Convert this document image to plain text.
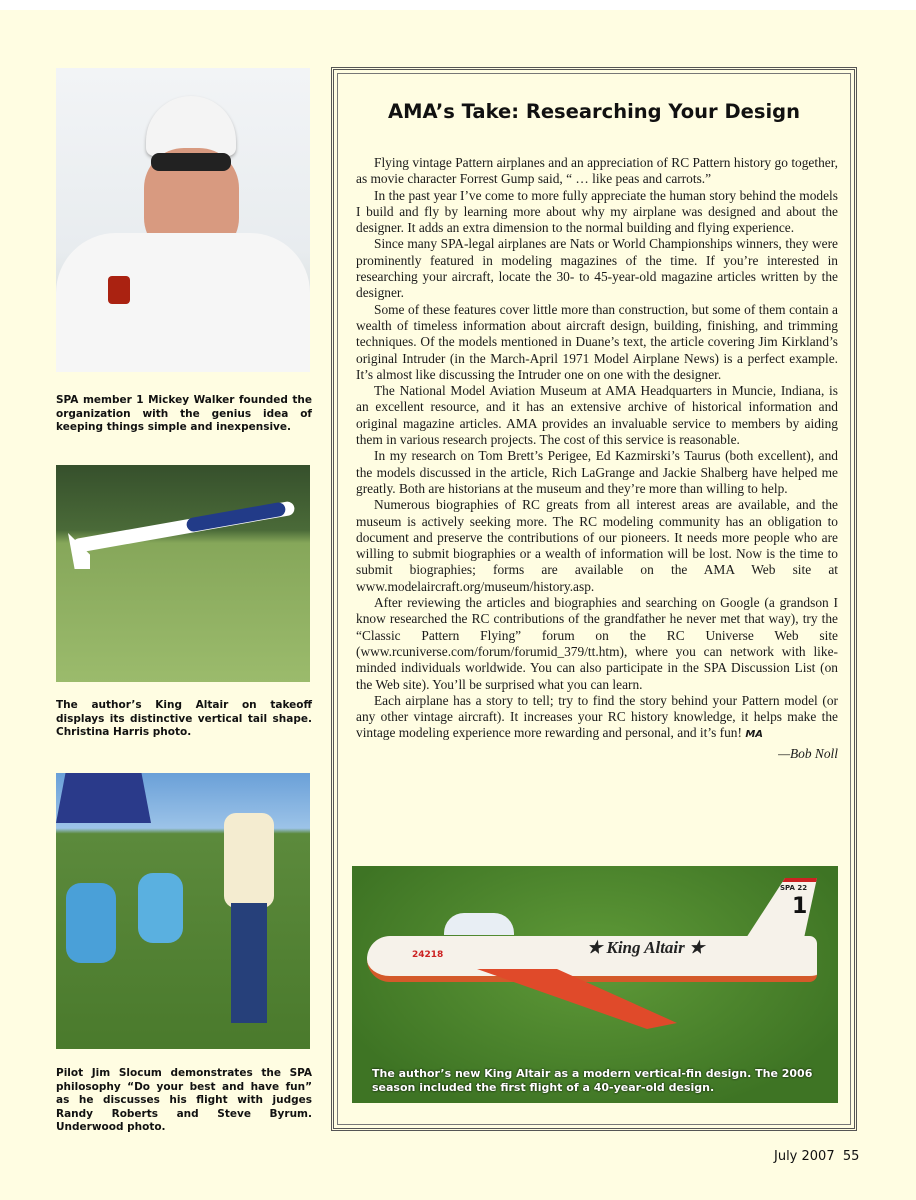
SPA member 1 Mickey Walker founded the organization with the genius idea of keeping things simple and inexpensive.
The author’s King Altair on takeoff displays its distinctive vertical tail shape. Christina Harris photo.
Pilot Jim Slocum demonstrates the SPA philosophy “Do your best and have fun” as he discusses his flight with judges Randy Roberts and Steve Byrum. Underwood photo.
AMA’s Take: Researching Your Design

Flying vintage Pattern airplanes and an appreciation of RC Pattern history go together, as movie character Forrest Gump said, “ … like peas and carrots.”

In the past year I’ve come to more fully appreciate the human story behind the models I build and fly by learning more about why my airplane was designed and about the designer. It adds an extra dimension to the normal building and flying experience.

Since many SPA-legal airplanes are Nats or World Championships winners, they were prominently featured in modeling magazines of the time. If you’re interested in researching your aircraft, locate the 30- to 45-year-old magazine articles written by the designer.

Some of these features cover little more than construction, but some of them contain a wealth of timeless information about aircraft design, building, finishing, and trimming techniques. Of the models mentioned in Duane’s text, the article covering Jim Kirkland’s original Intruder (in the March-April 1971 Model Airplane News) is a perfect example. It’s almost like discussing the Intruder one on one with the designer.

The National Model Aviation Museum at AMA Headquarters in Muncie, Indiana, is an excellent resource, and it has an extensive archive of historical information and original magazine articles. AMA provides an invaluable service to members by aiding them in various research projects. The cost of this service is reasonable.

In my research on Tom Brett’s Perigee, Ed Kazmirski’s Taurus (both excellent), and the models discussed in the article, Rich LaGrange and Jackie Shalberg have helped me greatly. Both are historians at the museum and they’re more than willing to help.

Numerous biographies of RC greats from all interest areas are available, and the museum is actively seeking more. The RC modeling community has an obligation to document and preserve the contributions of our pioneers. It needs more people who are willing to submit biographies or a wealth of information will be lost. Now is the time to submit biographies; forms are available on the AMA Web site at www.modelaircraft.org/museum/history.asp.

After reviewing the articles and biographies and searching on Google (a grandson I know researched the RC contributions of the grandfather he never met that way), try the “Classic Pattern Flying” forum on the RC Universe Web site (www.rcuniverse.com/forum/forumid_379/tt.htm), where you can network with like-minded individuals worldwide. You can also participate in the SPA Discussion List (on the Web site). You’ll be surprised what you can learn.

Each airplane has a story to tell; try to find the story behind your Pattern model (or any other vintage aircraft). It increases your RC history knowledge, it helps make the vintage modeling experience more rewarding and personal, and it’s fun! MA

—Bob Noll
★ King Altair ★
24218
SPA 22
1
The author’s new King Altair as a modern vertical-fin design. The 2006 season included the first flight of a 40-year-old design.
July 2007 55
